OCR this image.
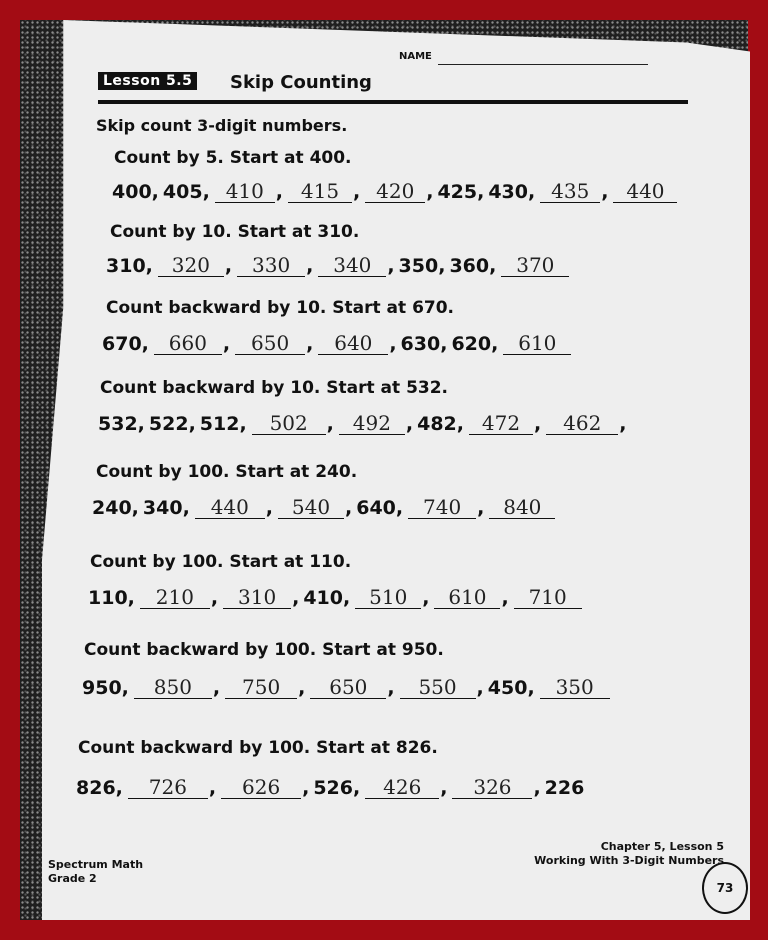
NAME
Lesson 5.5 Skip Counting
Skip count 3-digit numbers.
Count by 5. Start at 400.
400 , 405 , 410 , 415 , 420 , 425 , 430 , 435 , 440
Count by 10. Start at 310.
310 , 320 , 330 , 340 , 350 , 360 , 370
Count backward by 10. Start at 670.
670 , 660 ,	650 ,	640 , 630 , 620 , 610
Count backward by 10. Start at 532.
532 , 522 , 512 ,	502 , 492 , 482 , 472 ,	462 ,
Count by 100. Start at 240.
240 , 340 ,	440 , 540 , 640 , 740 , 840
Count by 100. Start at 110.
110 ,	210 , 310 , 410 , 510 , 610 , 710
Count backward by 100. Start at 950.
950 ,	850	,	750 ,	650	,	550	, 450 ,	350
Count backward by 100. Start at 826.
826 ,	726	,	626	, 526 ,	426 ,	326	, 226
Spectrum Math
Grade 2
Chapter 5, Lesson 5
Working With 3-Digit Numbers
73
